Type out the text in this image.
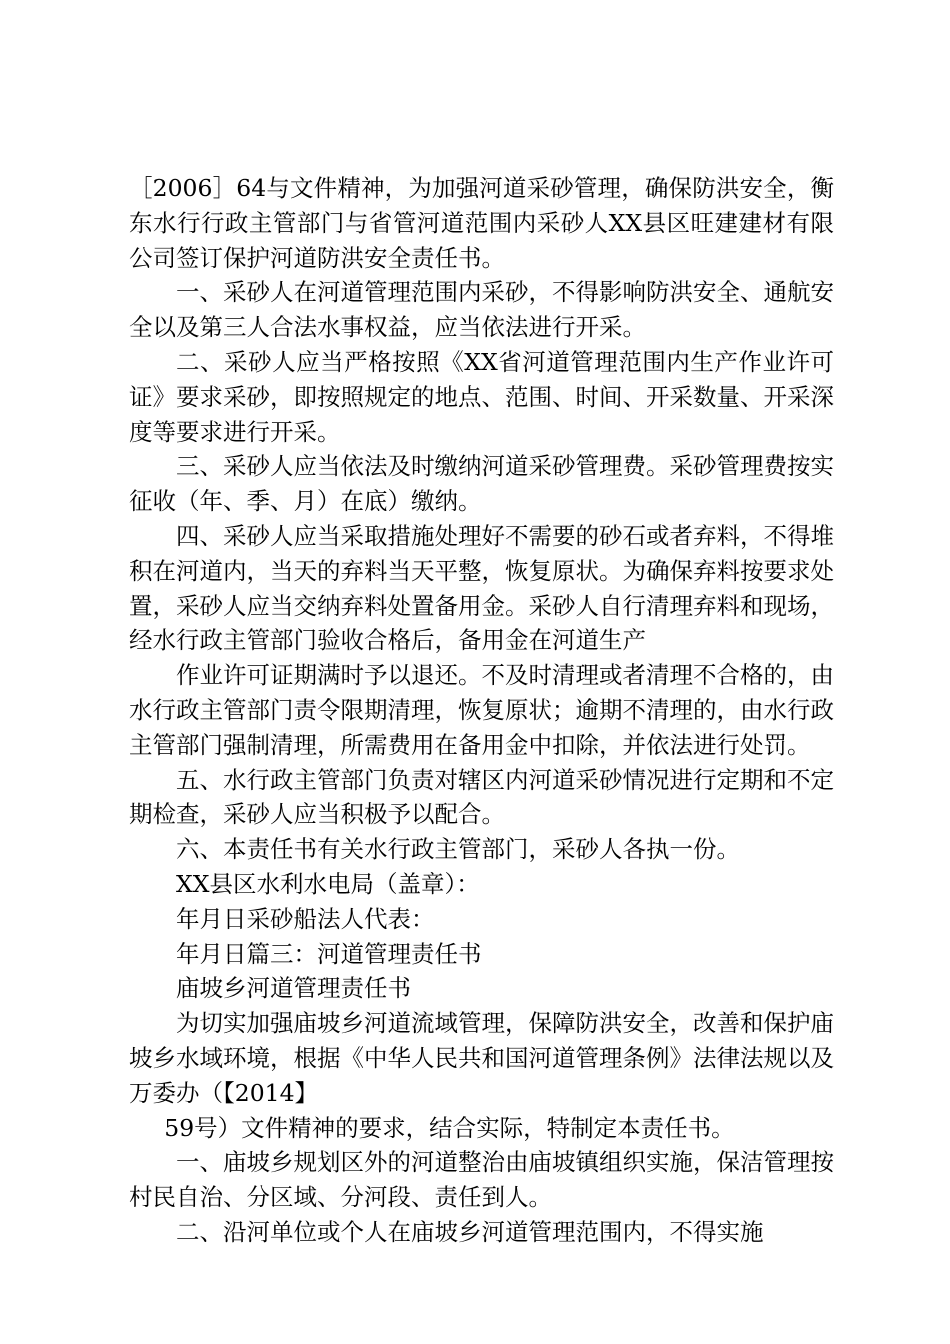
［2006］64与文件精神，为加强河道采砂管理，确保防洪安全，衡东水行行政主管部门与省管河道范围内采砂人XX县区旺建建材有限公司签订保护河道防洪安全责任书。

一、采砂人在河道管理范围内采砂，不得影响防洪安全、通航安全以及第三人合法水事权益，应当依法进行开采。

二、采砂人应当严格按照《XX省河道管理范围内生产作业许可证》要求采砂，即按照规定的地点、范围、时间、开采数量、开采深度等要求进行开采。

三、采砂人应当依法及时缴纳河道采砂管理费。采砂管理费按实征收（年、季、月）在底）缴纳。

四、采砂人应当采取措施处理好不需要的砂石或者弃料，不得堆积在河道内，当天的弃料当天平整，恢复原状。为确保弃料按要求处置，采砂人应当交纳弃料处置备用金。采砂人自行清理弃料和现场，经水行政主管部门验收合格后，备用金在河道生产

作业许可证期满时予以退还。不及时清理或者清理不合格的，由水行政主管部门责令限期清理，恢复原状；逾期不清理的，由水行政主管部门强制清理，所需费用在备用金中扣除，并依法进行处罚。

五、水行政主管部门负责对辖区内河道采砂情况进行定期和不定期检查，采砂人应当积极予以配合。

六、本责任书有关水行政主管部门，采砂人各执一份。

XX县区水利水电局（盖章）：

年月日采砂船法人代表：

年月日篇三：河道管理责任书

庙坡乡河道管理责任书

为切实加强庙坡乡河道流域管理，保障防洪安全，改善和保护庙坡乡水域环境，根据《中华人民共和国河道管理条例》法律法规以及万委办（【2014】

59号）文件精神的要求，结合实际，特制定本责任书。

一、庙坡乡规划区外的河道整治由庙坡镇组织实施，保洁管理按村民自治、分区域、分河段、责任到人。

二、沿河单位或个人在庙坡乡河道管理范围内，不得实施
